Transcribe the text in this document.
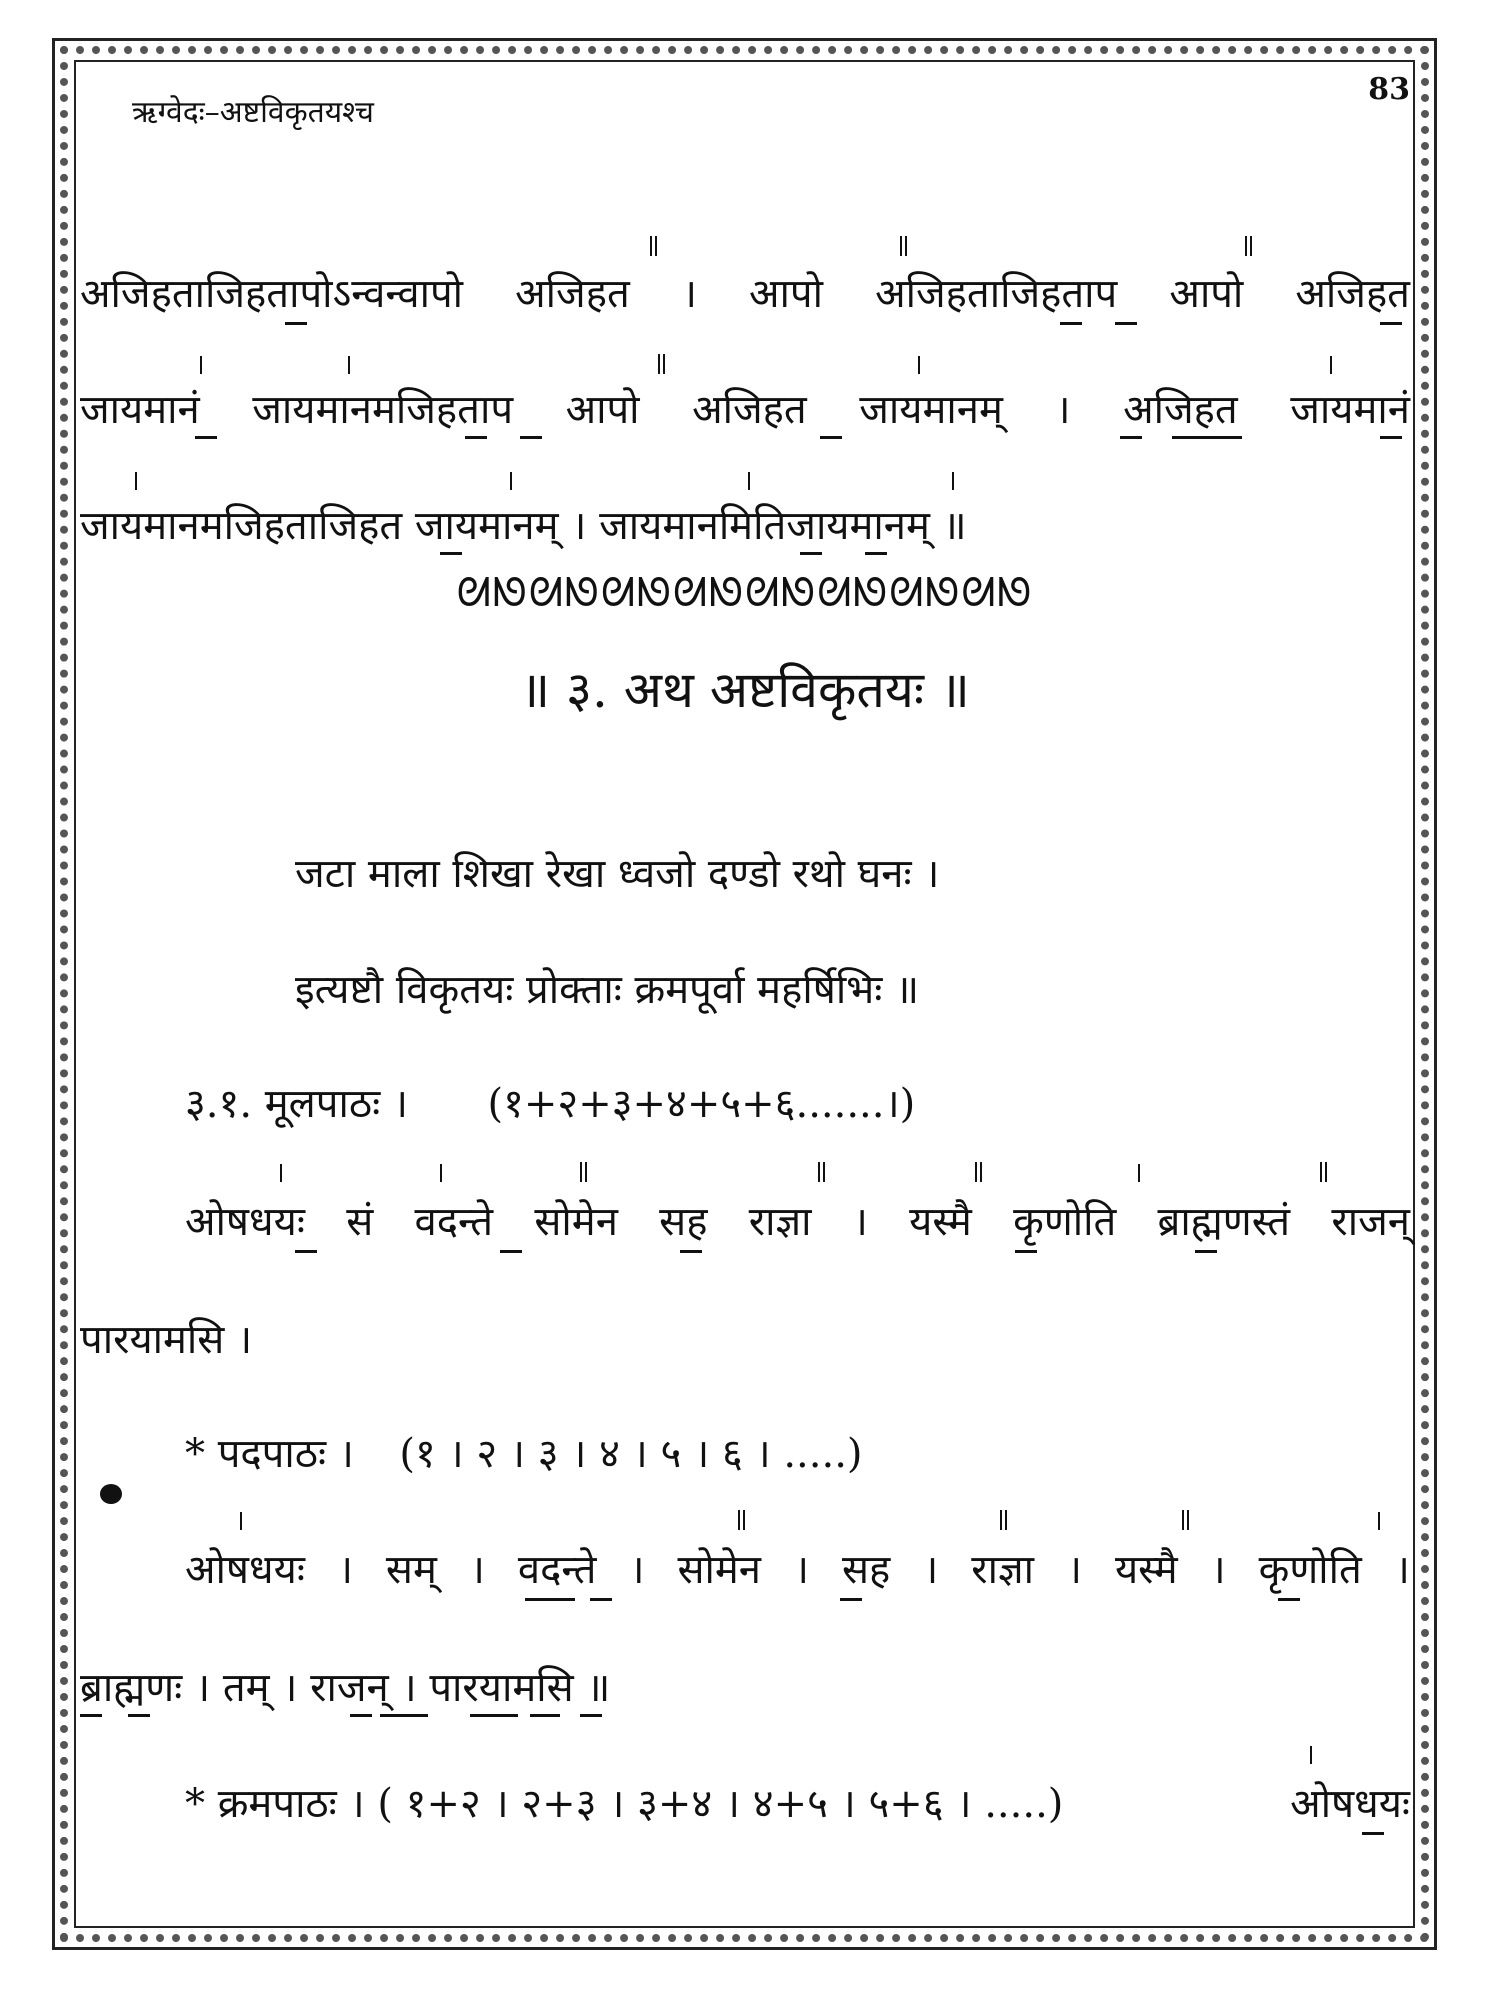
ऋग्वेदः–अष्टविकृतयश्च
83
अजिहताजिहतापोऽन्वन्वापो अजिहत । आपो अजिहताजिहताप आपो अजिहत
जायमानं जायमानमजिहताप आपो अजिहत जायमानम् । अजिहत जायमानं
जायमानमजिहताजिहत जायमानम् । जायमानमितिजायमानम् ॥
ᘛᘚᘛᘚᘛᘚᘛᘚᘛᘚᘛᘚᘛᘚᘛᘚ
॥ ३. अथ अष्टविकृतयः ॥
जटा माला शिखा रेखा ध्वजो दण्डो रथो घनः ।
इत्यष्टौ विकृतयः प्रोक्ताः क्रमपूर्वा महर्षिभिः ॥
३.१. मूलपाठः । (१+२+३+४+५+६.......।)
ओषधयः सं वदन्ते सोमेन सह राज्ञा । यस्मै कृणोति ब्राह्मणस्तं राजन्
पारयामसि ।
* पदपाठः । (१ । २ । ३ । ४ । ५ । ६ । .....)
ओषधयः । सम् । वदन्ते । सोमेन । सह । राज्ञा । यस्मै । कृणोति ।
ब्राह्मणः । तम् । राजन् । पारयामसि ॥
* क्रमपाठः । ( १+२ । २+३ । ३+४ । ४+५ । ५+६ । .....)	ओषधयः
